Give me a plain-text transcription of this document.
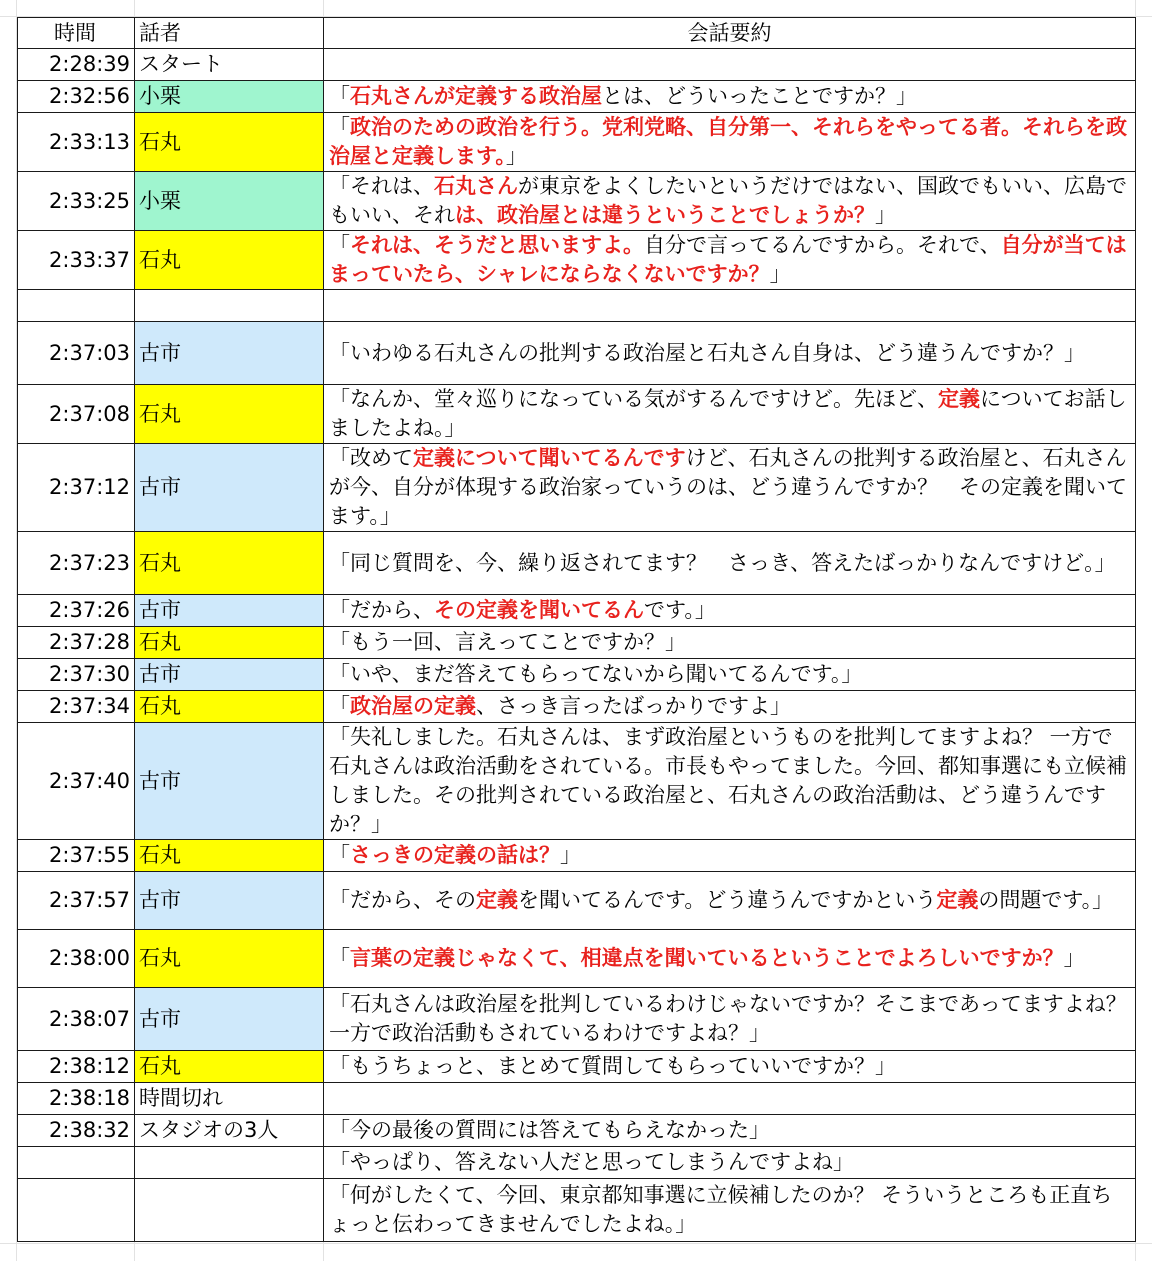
時間	話者	会話要約
2:28:39	スタート	
2:32:56	小栗	「石丸さんが定義する政治屋とは、どういったことですか？」
2:33:13	石丸	「政治のための政治を行う。党利党略、自分第一、それらをやってる者。それらを政治屋と定義します。」
2:33:25	小栗	「それは、石丸さんが東京をよくしたいというだけではない、国政でもいい、広島でもいい、それは、政治屋とは違うということでしょうか？」
2:33:37	石丸	「それは、そうだと思いますよ。自分で言ってるんですから。それで、自分が当てはまっていたら、シャレにならなくないですか？」

2:37:03	古市	「いわゆる石丸さんの批判する政治屋と石丸さん自身は、どう違うんですか？」
2:37:08	石丸	「なんか、堂々巡りになっている気がするんですけど。先ほど、定義についてお話しましたよね。」
2:37:12	古市	「改めて定義について聞いてるんですけど、石丸さんの批判する政治屋と、石丸さんが今、自分が体現する政治家っていうのは、どう違うんですか？　その定義を聞いてます。」
2:37:23	石丸	「同じ質問を、今、繰り返されてます？　さっき、答えたばっかりなんですけど。」
2:37:26	古市	「だから、その定義を聞いてるんです。」
2:37:28	石丸	「もう一回、言えってことですか？」
2:37:30	古市	「いや、まだ答えてもらってないから聞いてるんです。」
2:37:34	石丸	「政治屋の定義、さっき言ったばっかりですよ」
2:37:40	古市	「失礼しました。石丸さんは、まず政治屋というものを批判してますよね？ 一方で石丸さんは政治活動をされている。市長もやってました。今回、都知事選にも立候補しました。その批判されている政治屋と、石丸さんの政治活動は、どう違うんですか？」
2:37:55	石丸	「さっきの定義の話は？」
2:37:57	古市	「だから、その定義を聞いてるんです。どう違うんですかという定義の問題です。」
2:38:00	石丸	「言葉の定義じゃなくて、相違点を聞いているということでよろしいですか？」
2:38:07	古市	「石丸さんは政治屋を批判しているわけじゃないですか？そこまであってますよね？ 一方で政治活動もされているわけですよね？」
2:38:12	石丸	「もうちょっと、まとめて質問してもらっていいですか？」
2:38:18	時間切れ	
2:38:32	スタジオの3人	「今の最後の質問には答えてもらえなかった」
		「やっぱり、答えない人だと思ってしまうんですよね」
		「何がしたくて、今回、東京都知事選に立候補したのか？ そういうところも正直ちょっと伝わってきませんでしたよね。」
